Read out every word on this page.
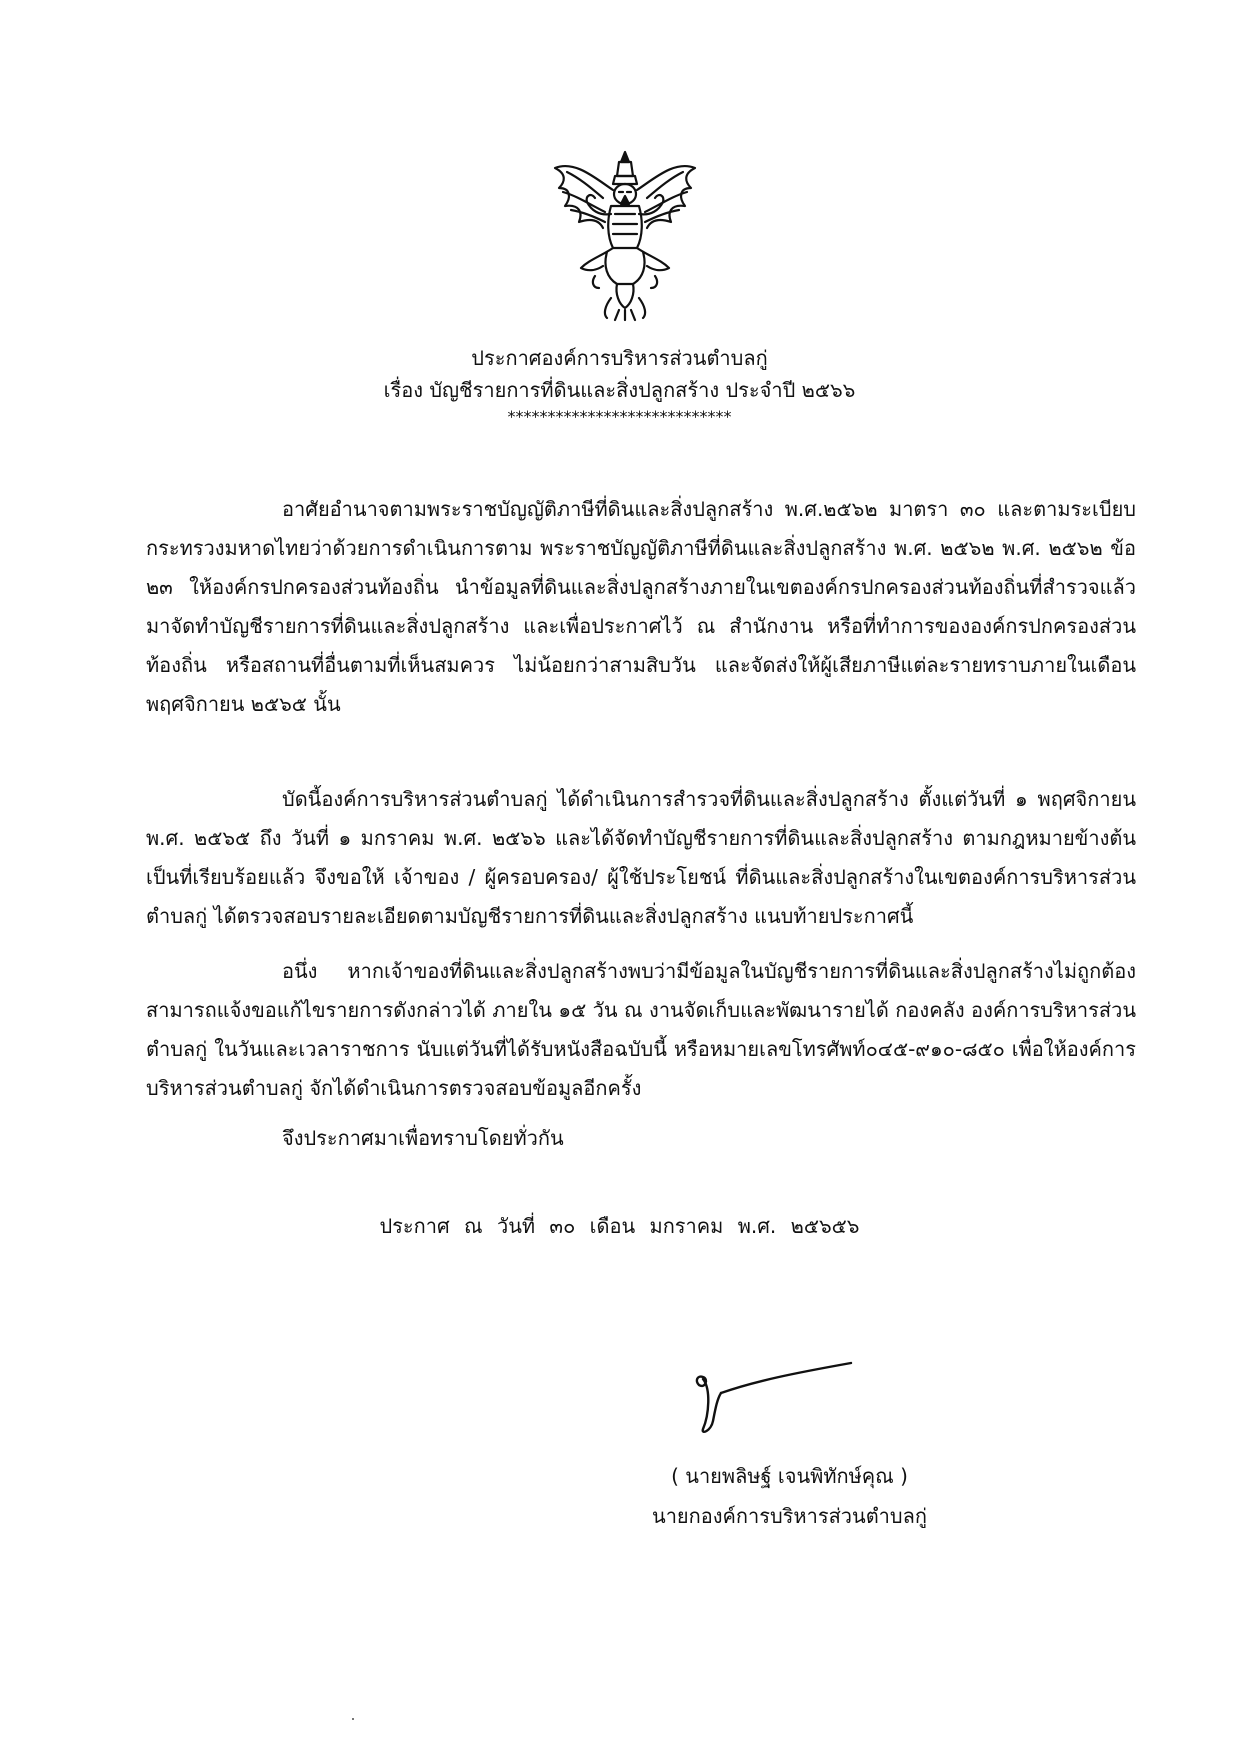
ประกาศองค์การบริหารส่วนตำบลกู่
เรื่อง บัญชีรายการที่ดินและสิ่งปลูกสร้าง ประจำปี ๒๕๖๖
****************************

อาศัยอำนาจตามพระราชบัญญัติภาษีที่ดินและสิ่งปลูกสร้าง พ.ศ.๒๕๖๒ มาตรา ๓๐ และตามระเบียบกระทรวงมหาดไทยว่าด้วยการดำเนินการตาม พระราชบัญญัติภาษีที่ดินและสิ่งปลูกสร้าง พ.ศ. ๒๕๖๒ พ.ศ. ๒๕๖๒ ข้อ ๒๓ ให้องค์กรปกครองส่วนท้องถิ่น นำข้อมูลที่ดินและสิ่งปลูกสร้างภายในเขตองค์กรปกครองส่วนท้องถิ่นที่สำรวจแล้ว มาจัดทำบัญชีรายการที่ดินและสิ่งปลูกสร้าง และเพื่อประกาศไว้ ณ สำนักงาน หรือที่ทำการขององค์กรปกครองส่วนท้องถิ่น หรือสถานที่อื่นตามที่เห็นสมควร ไม่น้อยกว่าสามสิบวัน และจัดส่งให้ผู้เสียภาษีแต่ละรายทราบภายในเดือนพฤศจิกายน ๒๕๖๕ นั้น

บัดนี้องค์การบริหารส่วนตำบลกู่ ได้ดำเนินการสำรวจที่ดินและสิ่งปลูกสร้าง ตั้งแต่วันที่ ๑ พฤศจิกายน พ.ศ. ๒๕๖๕ ถึง วันที่ ๑ มกราคม พ.ศ. ๒๕๖๖ และได้จัดทำบัญชีรายการที่ดินและสิ่งปลูกสร้าง ตามกฎหมายข้างต้นเป็นที่เรียบร้อยแล้ว จึงขอให้ เจ้าของ / ผู้ครอบครอง/ ผู้ใช้ประโยชน์ ที่ดินและสิ่งปลูกสร้างในเขตองค์การบริหารส่วนตำบลกู่ ได้ตรวจสอบรายละเอียดตามบัญชีรายการที่ดินและสิ่งปลูกสร้าง แนบท้ายประกาศนี้

อนึ่ง หากเจ้าของที่ดินและสิ่งปลูกสร้างพบว่ามีข้อมูลในบัญชีรายการที่ดินและสิ่งปลูกสร้างไม่ถูกต้อง สามารถแจ้งขอแก้ไขรายการดังกล่าวได้ ภายใน ๑๕ วัน ณ งานจัดเก็บและพัฒนารายได้ กองคลัง องค์การบริหารส่วนตำบลกู่ ในวันและเวลาราชการ นับแต่วันที่ได้รับหนังสือฉบับนี้ หรือหมายเลขโทรศัพท์๐๔๕-๙๑๐-๘๕๐ เพื่อให้องค์การบริหารส่วนตำบลกู่ จักได้ดำเนินการตรวจสอบข้อมูลอีกครั้ง

จึงประกาศมาเพื่อทราบโดยทั่วกัน

ประกาศ ณ วันที่ ๓๐ เดือน มกราคม พ.ศ. ๒๕๖๕๖

( นายพลิษฐ์ เจนพิทักษ์คุณ )

นายกองค์การบริหารส่วนตำบลกู่
